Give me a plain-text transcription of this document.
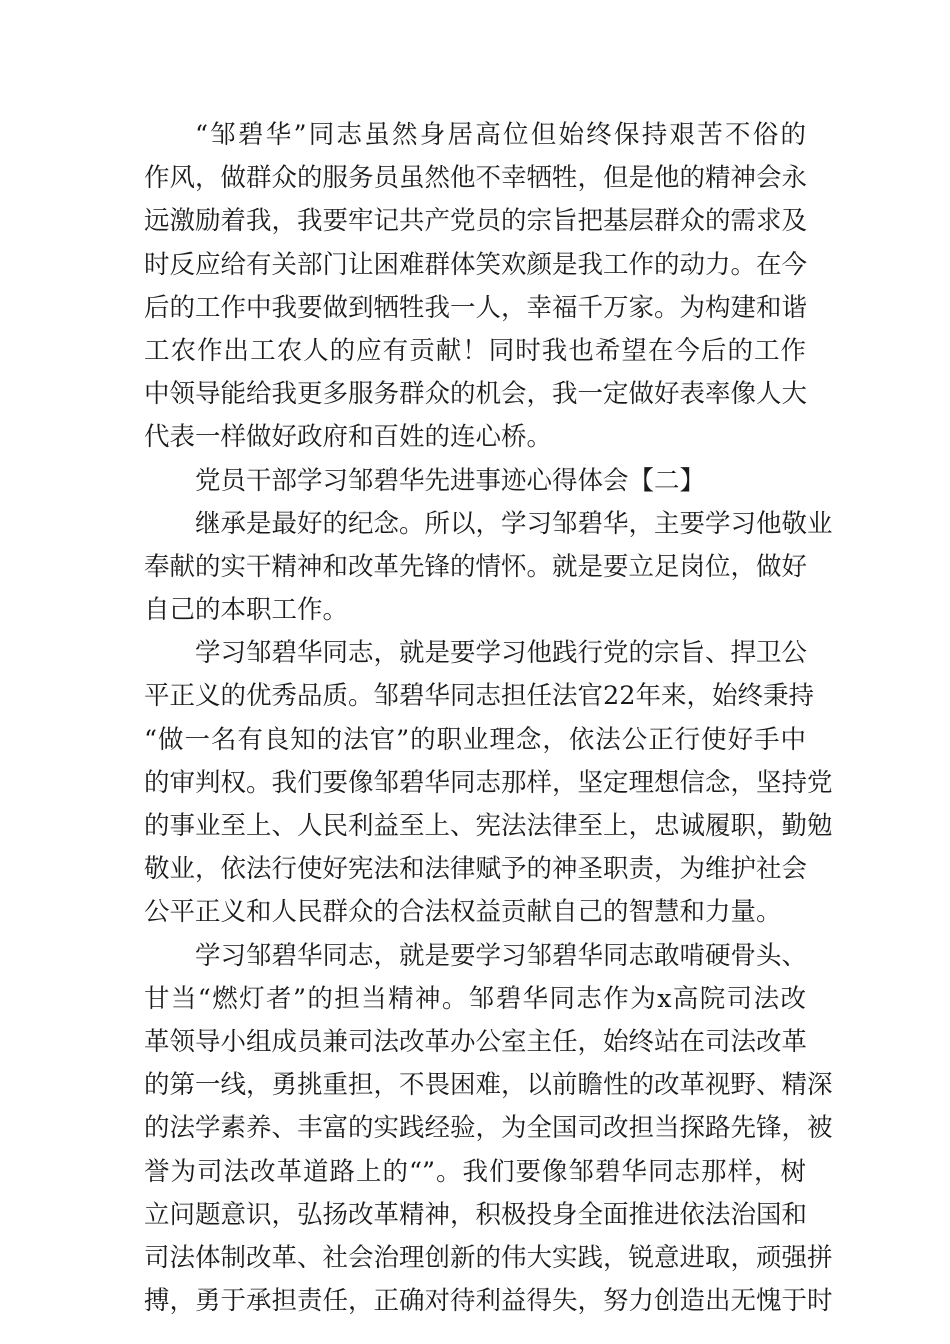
“邹碧华”同志虽然身居高位但始终保持艰苦不俗的
作风，做群众的服务员虽然他不幸牺牲，但是他的精神会永
远激励着我，我要牢记共产党员的宗旨把基层群众的需求及
时反应给有关部门让困难群体笑欢颜是我工作的动力。在今
后的工作中我要做到牺牲我一人，幸福千万家。为构建和谐
工农作出工农人的应有贡献！同时我也希望在今后的工作
中领导能给我更多服务群众的机会，我一定做好表率像人大
代表一样做好政府和百姓的连心桥。
党员干部学习邹碧华先进事迹心得体会【二】
继承是最好的纪念。所以，学习邹碧华，主要学习他敬业
奉献的实干精神和改革先锋的情怀。就是要立足岗位，做好
自己的本职工作。
学习邹碧华同志，就是要学习他践行党的宗旨、捍卫公
平正义的优秀品质。邹碧华同志担任法官22年来，始终秉持
“做一名有良知的法官”的职业理念，依法公正行使好手中
的审判权。我们要像邹碧华同志那样，坚定理想信念，坚持党
的事业至上、人民利益至上、宪法法律至上，忠诚履职，勤勉
敬业，依法行使好宪法和法律赋予的神圣职责，为维护社会
公平正义和人民群众的合法权益贡献自己的智慧和力量。
学习邹碧华同志，就是要学习邹碧华同志敢啃硬骨头、
甘当“燃灯者”的担当精神。邹碧华同志作为x高院司法改
革领导小组成员兼司法改革办公室主任，始终站在司法改革
的第一线，勇挑重担，不畏困难，以前瞻性的改革视野、精深
的法学素养、丰富的实践经验，为全国司改担当探路先锋，被
誉为司法改革道路上的“”。我们要像邹碧华同志那样，树
立问题意识，弘扬改革精神，积极投身全面推进依法治国和
司法体制改革、社会治理创新的伟大实践，锐意进取，顽强拼
搏，勇于承担责任，正确对待利益得失，努力创造出无愧于时
